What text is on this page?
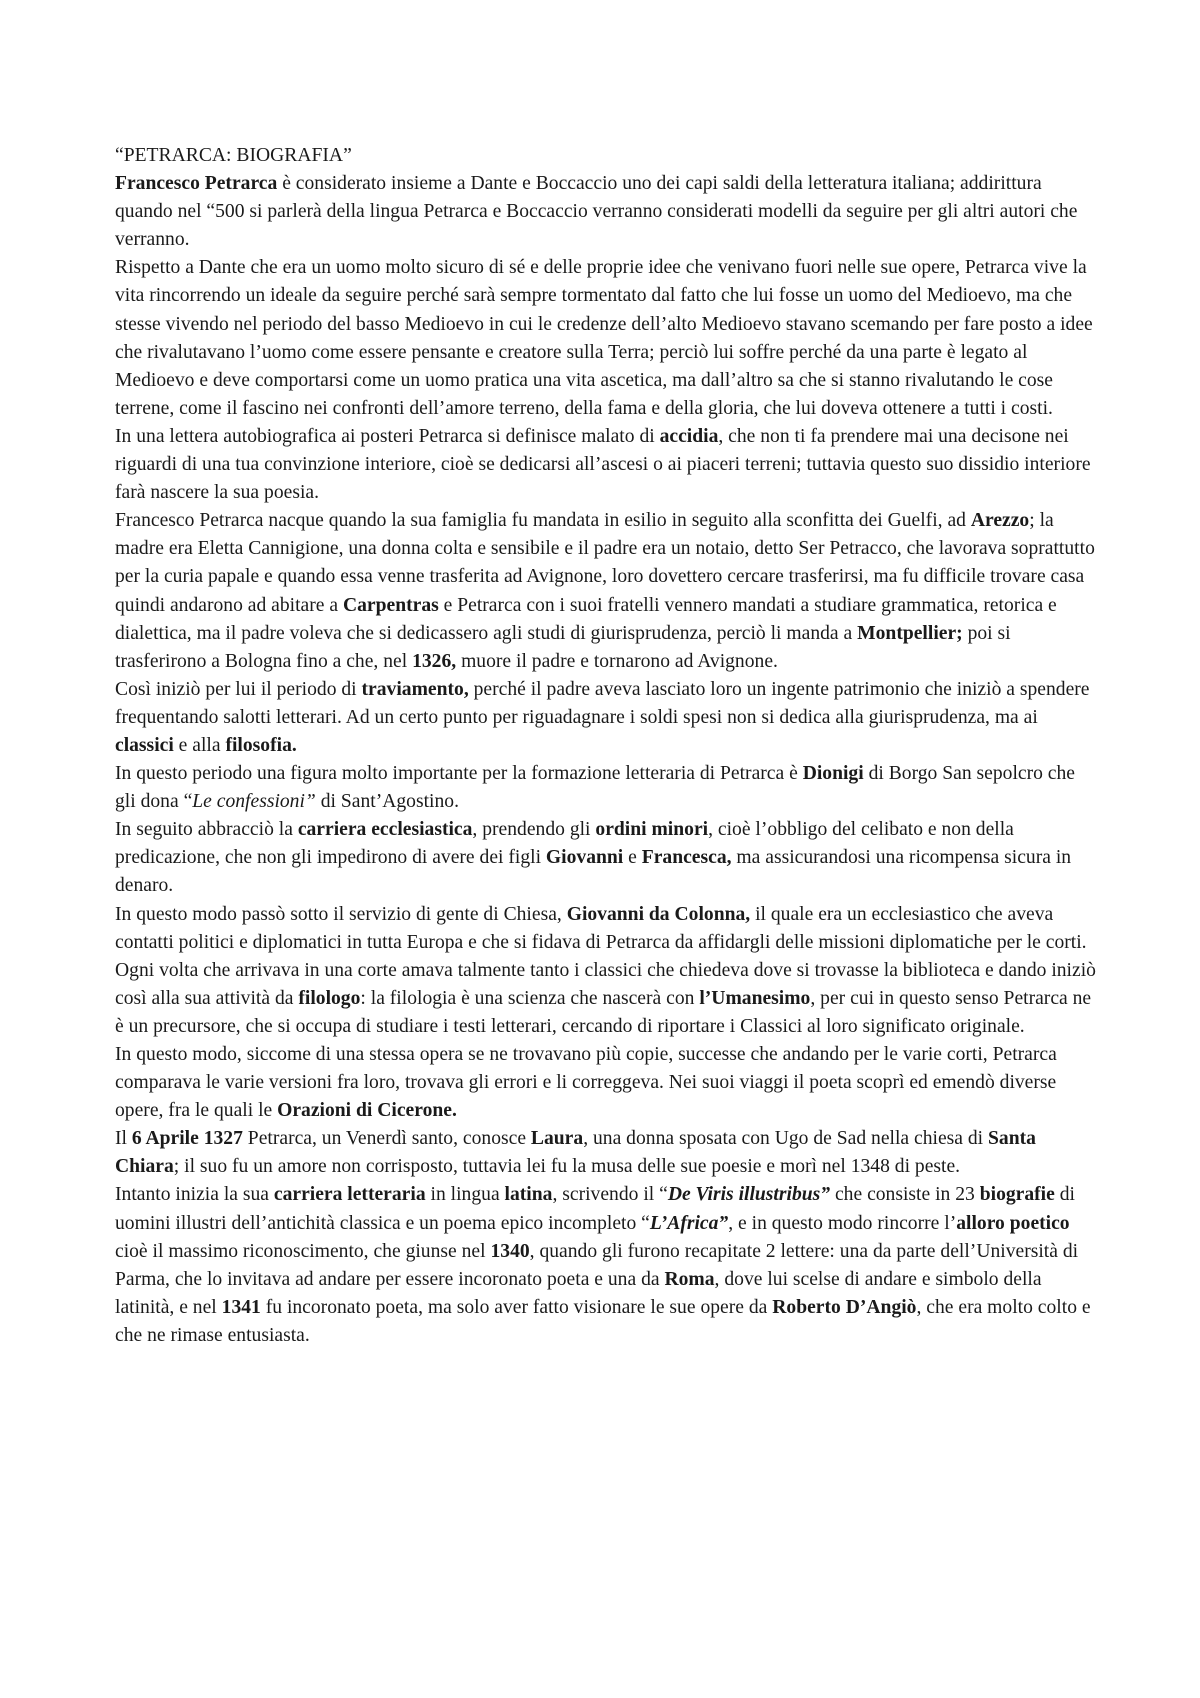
“PETRARCA: BIOGRAFIA”

Francesco Petrarca è considerato insieme a Dante e Boccaccio uno dei capi saldi della letteratura italiana; addirittura quando nel “500 si parlerà della lingua Petrarca e Boccaccio verranno considerati modelli da seguire per gli altri autori che verranno.

Rispetto a Dante che era un uomo molto sicuro di sé e delle proprie idee che venivano fuori nelle sue opere, Petrarca vive la vita rincorrendo un ideale da seguire perché sarà sempre tormentato dal fatto che lui fosse un uomo del Medioevo, ma che stesse vivendo nel periodo del basso Medioevo in cui le credenze dell’alto Medioevo stavano scemando per fare posto a idee che rivalutavano l’uomo come essere pensante e creatore sulla Terra; perciò lui soffre perché da una parte è legato al Medioevo e deve comportarsi come un uomo pratica una vita ascetica, ma dall’altro sa che si stanno rivalutando le cose terrene, come il fascino nei confronti dell’amore terreno, della fama e della gloria, che lui doveva ottenere a tutti i costi.

In una lettera autobiografica ai posteri Petrarca si definisce malato di accidia, che non ti fa prendere mai una decisone nei riguardi di una tua convinzione interiore, cioè se dedicarsi all’ascesi o ai piaceri terreni; tuttavia questo suo dissidio interiore farà nascere la sua poesia.

Francesco Petrarca nacque quando la sua famiglia fu mandata in esilio in seguito alla sconfitta dei Guelfi, ad Arezzo; la madre era Eletta Cannigione, una donna colta e sensibile e il padre era un notaio, detto Ser Petracco, che lavorava soprattutto per la curia papale e quando essa venne trasferita ad Avignone, loro dovettero cercare trasferirsi, ma fu difficile trovare casa quindi andarono ad abitare a Carpentras e Petrarca con i suoi fratelli vennero mandati a studiare grammatica, retorica e dialettica, ma il padre voleva che si dedicassero agli studi di giurisprudenza, perciò li manda a Montpellier; poi si trasferirono a Bologna fino a che, nel 1326, muore il padre e tornarono ad Avignone.

Così iniziò per lui il periodo di traviamento, perché il padre aveva lasciato loro un ingente patrimonio che iniziò a spendere frequentando salotti letterari. Ad un certo punto per riguadagnare i soldi spesi non si dedica alla giurisprudenza, ma ai classici e alla filosofia.

In questo periodo una figura molto importante per la formazione letteraria di Petrarca è Dionigi di Borgo San sepolcro che gli dona “Le confessioni” di Sant’Agostino.

In seguito abbracciò la carriera ecclesiastica, prendendo gli ordini minori, cioè l’obbligo del celibato e non della predicazione, che non gli impedirono di avere dei figli Giovanni e Francesca, ma assicurandosi una ricompensa sicura in denaro.

In questo modo passò sotto il servizio di gente di Chiesa, Giovanni da Colonna, il quale era un ecclesiastico che aveva contatti politici e diplomatici in tutta Europa e che si fidava di Petrarca da affidargli delle missioni diplomatiche per le corti.

Ogni volta che arrivava in una corte amava talmente tanto i classici che chiedeva dove si trovasse la biblioteca e dando iniziò così alla sua attività da filologo: la filologia è una scienza che nascerà con l’Umanesimo, per cui in questo senso Petrarca ne è un precursore, che si occupa di studiare i testi letterari, cercando di riportare i Classici al loro significato originale.

In questo modo, siccome di una stessa opera se ne trovavano più copie, successe che andando per le varie corti, Petrarca comparava le varie versioni fra loro, trovava gli errori e li correggeva. Nei suoi viaggi il poeta scoprì ed emendò diverse opere, fra le quali le Orazioni di Cicerone.

Il 6 Aprile 1327 Petrarca, un Venerdì santo, conosce Laura, una donna sposata con Ugo de Sad nella chiesa di Santa Chiara; il suo fu un amore non corrisposto, tuttavia lei fu la musa delle sue poesie e morì nel 1348 di peste.

Intanto inizia la sua carriera letteraria in lingua latina, scrivendo il “De Viris illustribus” che consiste in 23 biografie di uomini illustri dell’antichità classica e un poema epico incompleto “L’Africa”, e in questo modo rincorre l’alloro poetico cioè il massimo riconoscimento, che giunse nel 1340, quando gli furono recapitate 2 lettere: una da parte dell’Università di Parma, che lo invitava ad andare per essere incoronato poeta e una da Roma, dove lui scelse di andare e simbolo della latinità, e nel 1341 fu incoronato poeta, ma solo aver fatto visionare le sue opere da Roberto D’Angiò, che era molto colto e che ne rimase entusiasta.
